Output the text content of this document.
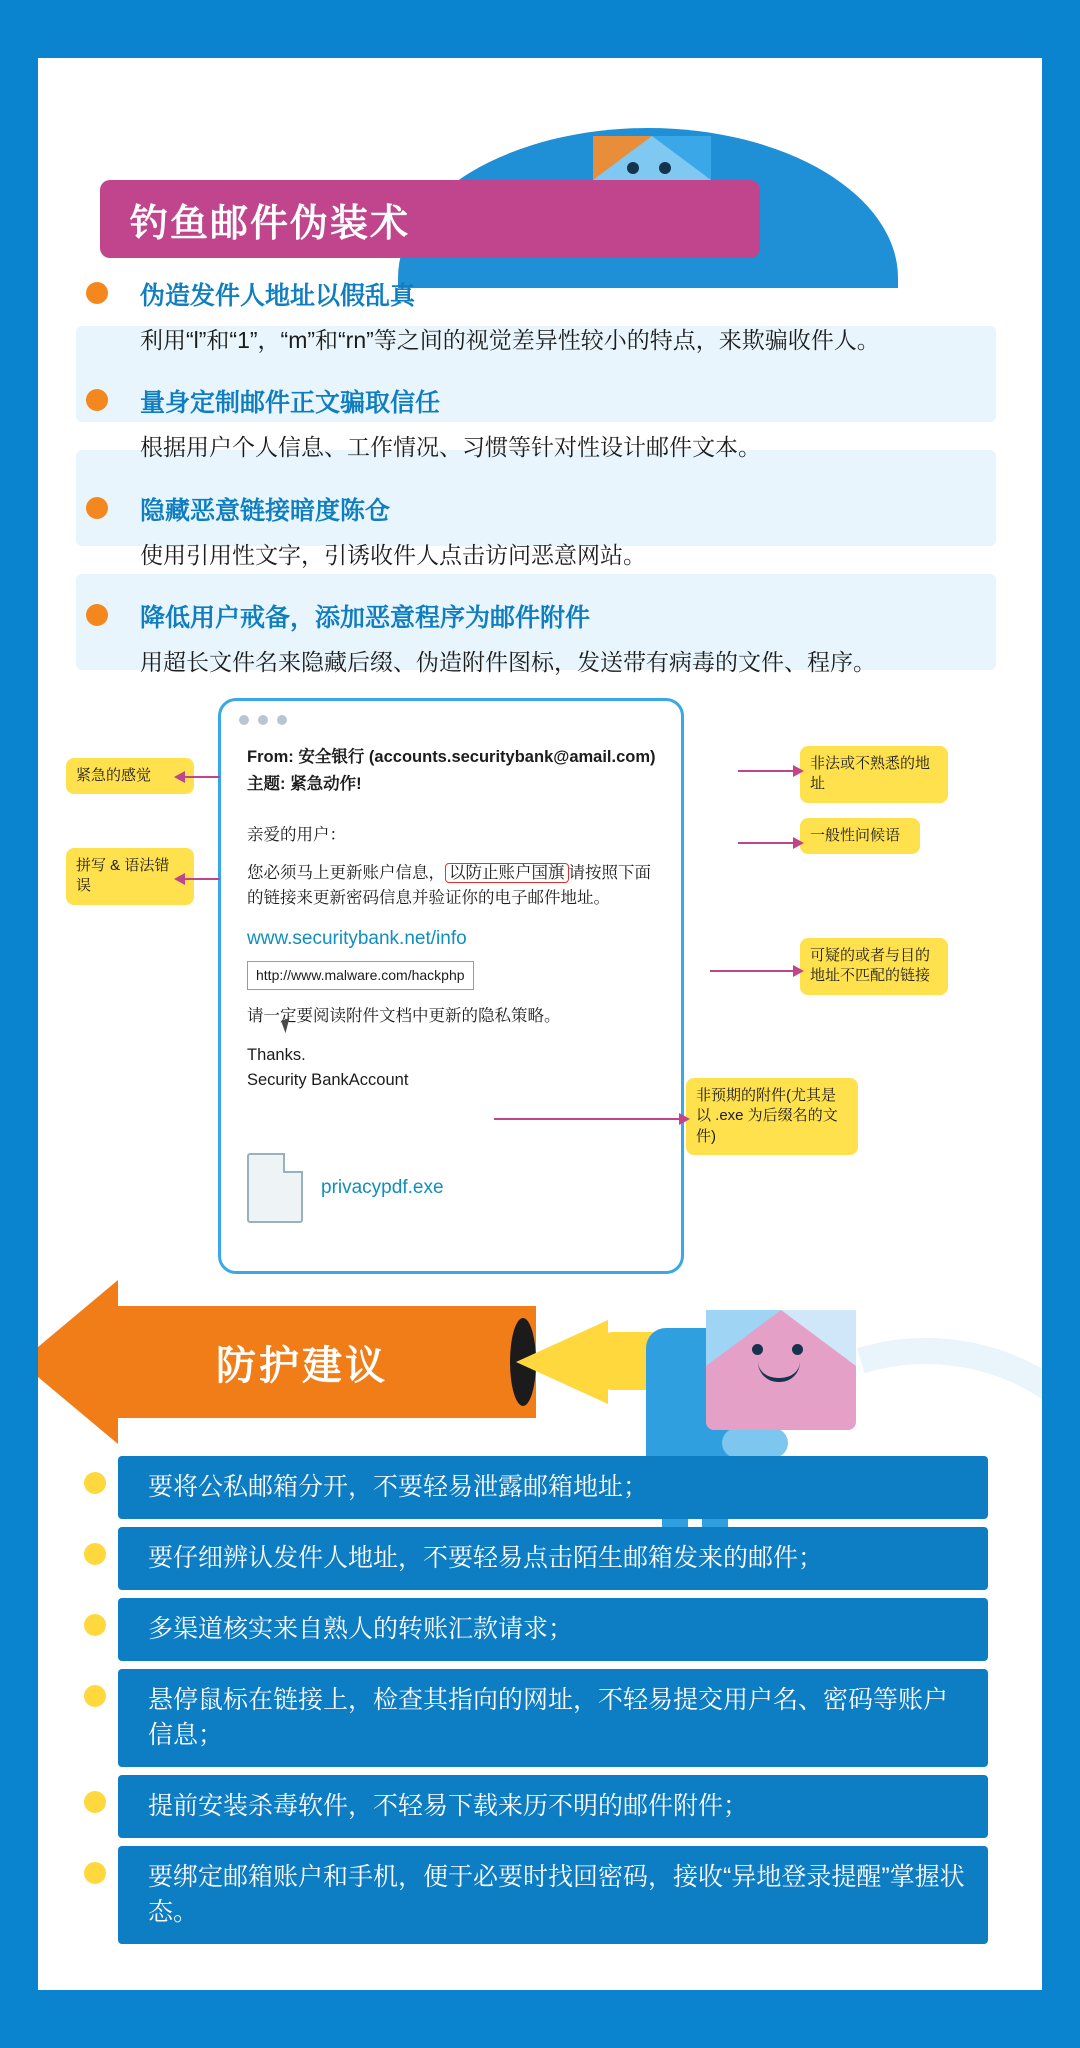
钓鱼邮件伪装术
伪造发件人地址以假乱真
利用“l”和“1”，“m”和“rn”等之间的视觉差异性较小的特点，来欺骗收件人。
量身定制邮件正文骗取信任
根据用户个人信息、工作情况、习惯等针对性设计邮件文本。
隐藏恶意链接暗度陈仓
使用引用性文字，引诱收件人点击访问恶意网站。
降低用户戒备，添加恶意程序为邮件附件
用超长文件名来隐藏后缀、伪造附件图标，发送带有病毒的文件、程序。
From: 安全银行 (accounts.securitybank@amail.com)
主题: 紧急动作!

亲爱的用户：

您必须马上更新账户信息， 以防止账户国旗 请按照下面的链接来更新密码信息并验证你的电子邮件地址。

www.securitybank.net/info
http://www.malware.com/hackphp

请一定要阅读附件文档中更新的隐私策略。

Thanks.

Security BankAccount

privacypdf.exe
紧急的感觉
拼写 & 语法错误
非法或不熟悉的地址
一般性问候语
可疑的或者与目的地址不匹配的链接
非预期的附件(尤其是以 .exe 为后缀名的文件)
防护建议
要将公私邮箱分开，不要轻易泄露邮箱地址；
要仔细辨认发件人地址，不要轻易点击陌生邮箱发来的邮件；
多渠道核实来自熟人的转账汇款请求；
悬停鼠标在链接上，检查其指向的网址，不轻易提交用户名、密码等账户信息；
提前安装杀毒软件，不轻易下载来历不明的邮件附件；
要绑定邮箱账户和手机，便于必要时找回密码，接收“异地登录提醒”掌握状态。
